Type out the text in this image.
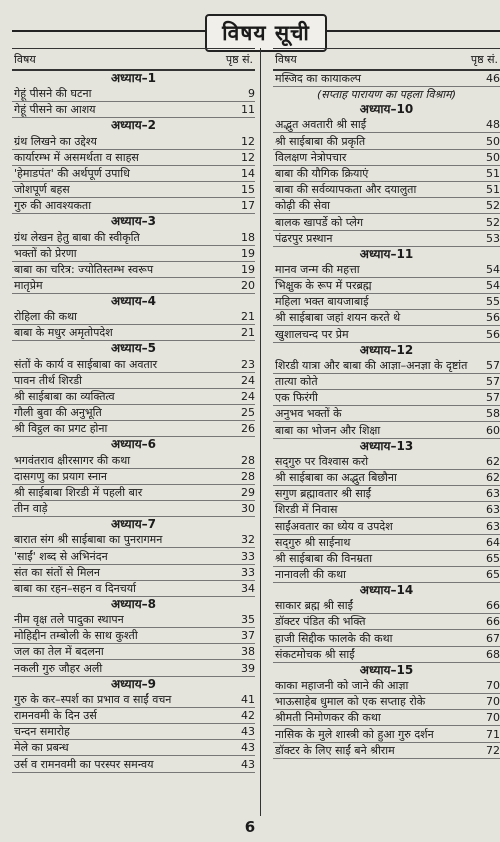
विषय सूची
विषय	पृष्ठ सं.
अध्याय–1
गेहूं पीसने की घटना	9
गेहूं पीसने का आशय	11
अध्याय–2
ग्रंथ लिखने का उद्देश्य	12
कार्यारम्भ में असमर्थता व साहस	12
'हेमाडपंत' की अर्थपूर्ण उपाधि	14
जोशपूर्ण बहस	15
गुरु की आवश्यकता	17
अध्याय–3
ग्रंथ लेखन हेतु बाबा की स्वीकृति	18
भक्तों को प्रेरणा	19
बाबा का चरित्र: ज्योतिस्तम्भ स्वरूप	19
मातृप्रेम	20
अध्याय–4
रोहिला की कथा	21
बाबा के मधुर अमृतोपदेश	21
अध्याय–5
संतों के कार्य व साईबाबा का अवतार	23
पावन तीर्थ शिरडी	24
श्री साईबाबा का व्यक्तित्व	24
गौली बुवा की अनुभूति	25
श्री विट्ठल का प्रगट होना	26
अध्याय–6
भगवंतराव क्षीरसागर की कथा	28
दासगणु का प्रयाग स्नान	28
श्री साईबाबा शिरडी में पहली बार	29
तीन वाड़े	30
अध्याय–7
बारात संग श्री साईबाबा का पुनरागमन	32
'साईं' शब्द से अभिनंदन	33
संत का संतों से मिलन	33
बाबा का रहन–सहन व दिनचर्या	34
अध्याय–8
नीम वृक्ष तले पादुका स्थापन	35
मोहिद्दीन तम्बोली के साथ कुश्ती	37
जल का तेल में बदलना	38
नकली गुरु जौहर अली	39
अध्याय–9
गुरु के कर–स्पर्श का प्रभाव व साईं वचन	41
रामनवमी के दिन उर्स	42
चन्दन समारोह	43
मेले का प्रबन्ध	43
उर्स व रामनवमी का परस्पर समन्वय	43
विषय	पृष्ठ सं.
मस्जिद का कायाकल्प	46
(सप्ताह पारायण का पहला विश्राम)
अध्याय–10
अद्भुत अवतारी श्री साईं	48
श्री साईबाबा की प्रकृति	50
विलक्षण नेत्रोपचार	50
बाबा की यौगिक क्रियाएं	51
बाबा की सर्वव्यापकता और दयालुता	51
कोढ़ी की सेवा	52
बालक खापर्डे को प्लेग	52
पंढरपुर प्रस्थान	53
अध्याय–11
मानव जन्म की महत्ता	54
भिक्षुक के रूप में परब्रह्म	54
महिला भक्त बायजाबाई	55
श्री साईबाबा जहां शयन करते थे	56
खुशालचन्द पर प्रेम	56
अध्याय–12
शिरडी यात्रा और बाबा की आज्ञा–अनज्ञा के दृष्टांत	57
तात्या कोते	57
एक फिरंगी	57
अनुभव भक्तों के	58
बाबा का भोजन और शिक्षा	60
अध्याय–13
सद्‌गुरु पर विश्वास करो	62
श्री साईबाबा का अद्भुत बिछौना	62
सगुण ब्रह्मावतार श्री साईं	63
शिरडी में निवास	63
साईंअवतार का ध्येय व उपदेश	63
सद्‌गुरु श्री साईनाथ	64
श्री साईबाबा की विनम्रता	65
नानावली की कथा	65
अध्याय–14
साकार ब्रह्म श्री साईं	66
डॉक्टर पंडित की भक्ति	66
हाजी सिद्दीक फालके की कथा	67
संकटमोचक श्री साईं	68
अध्याय–15
काका महाजनी को जाने की आज्ञा	70
भाऊसाहेब धुमाल को एक सप्ताह रोके	70
श्रीमती निमोणकर की कथा	70
नासिक के मुले शास्त्री को हुआ गुरु दर्शन	71
डॉक्टर के लिए साईं बने श्रीराम	72
6
